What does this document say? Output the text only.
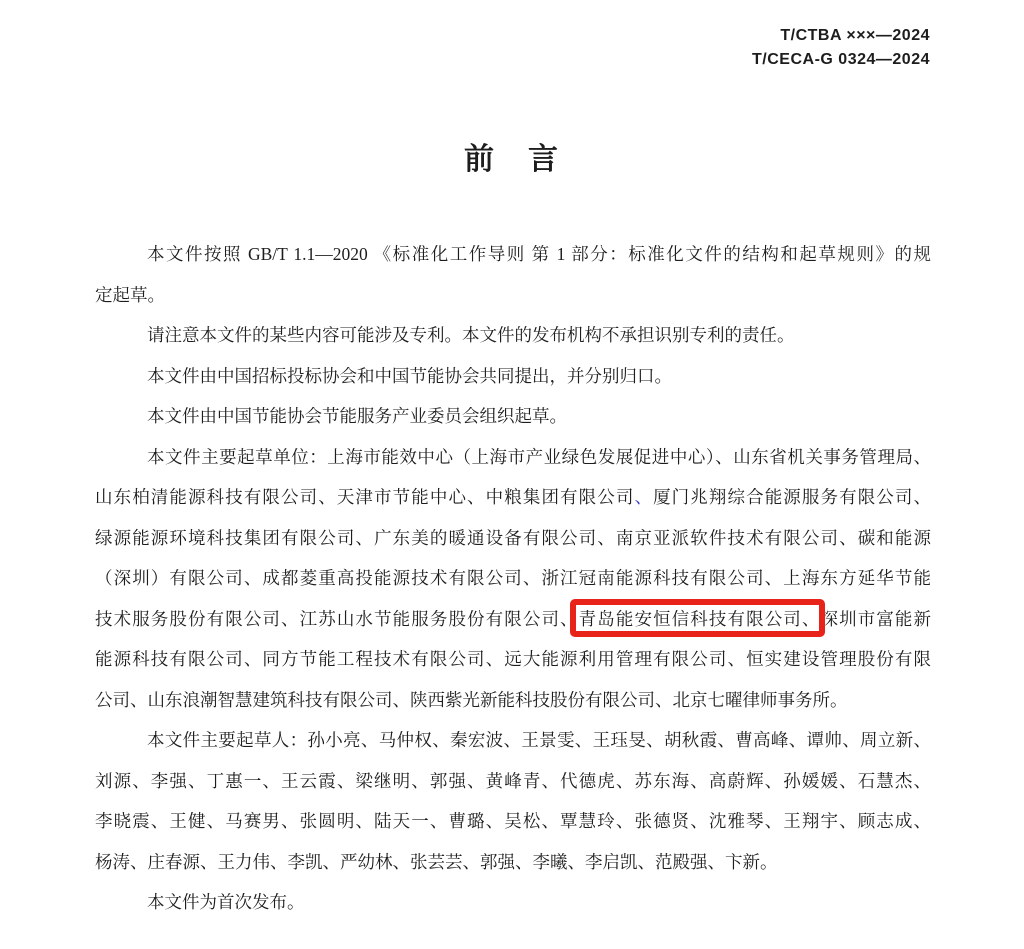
T/CTBA ×××—2024
T/CECA-G 0324—2024
前　言
本文件按照 GB/T 1.1—2020 《标准化工作导则 第 1 部分：标准化文件的结构和起草规则》的规
定起草。
请注意本文件的某些内容可能涉及专利。本文件的发布机构不承担识别专利的责任。
本文件由中国招标投标协会和中国节能协会共同提出，并分别归口。
本文件由中国节能协会节能服务产业委员会组织起草。
本文件主要起草单位：上海市能效中心（上海市产业绿色发展促进中心）、山东省机关事务管理局、
山东柏清能源科技有限公司、天津市节能中心、中粮集团有限公司、厦门兆翔综合能源服务有限公司、
绿源能源环境科技集团有限公司、广东美的暖通设备有限公司、南京亚派软件技术有限公司、碳和能源
（深圳）有限公司、成都菱重高投能源技术有限公司、浙江冠南能源科技有限公司、上海东方延华节能
技术服务股份有限公司、江苏山水节能服务股份有限公司、青岛能安恒信科技有限公司、深圳市富能新
能源科技有限公司、同方节能工程技术有限公司、远大能源利用管理有限公司、恒实建设管理股份有限
公司、山东浪潮智慧建筑科技有限公司、陕西紫光新能科技股份有限公司、北京七曜律师事务所。
本文件主要起草人：孙小亮、马仲权、秦宏波、王景雯、王珏旻、胡秋霞、曹高峰、谭帅、周立新、
刘源、李强、丁惠一、王云霞、梁继明、郭强、黄峰青、代德虎、苏东海、高蔚辉、孙媛媛、石慧杰、
李晓震、王健、马赛男、张圆明、陆天一、曹璐、吴松、覃慧玲、张德贤、沈雅琴、王翔宇、顾志成、
杨涛、庄春源、王力伟、李凯、严幼林、张芸芸、郭强、李曦、李启凯、范殿强、卞新。
本文件为首次发布。
